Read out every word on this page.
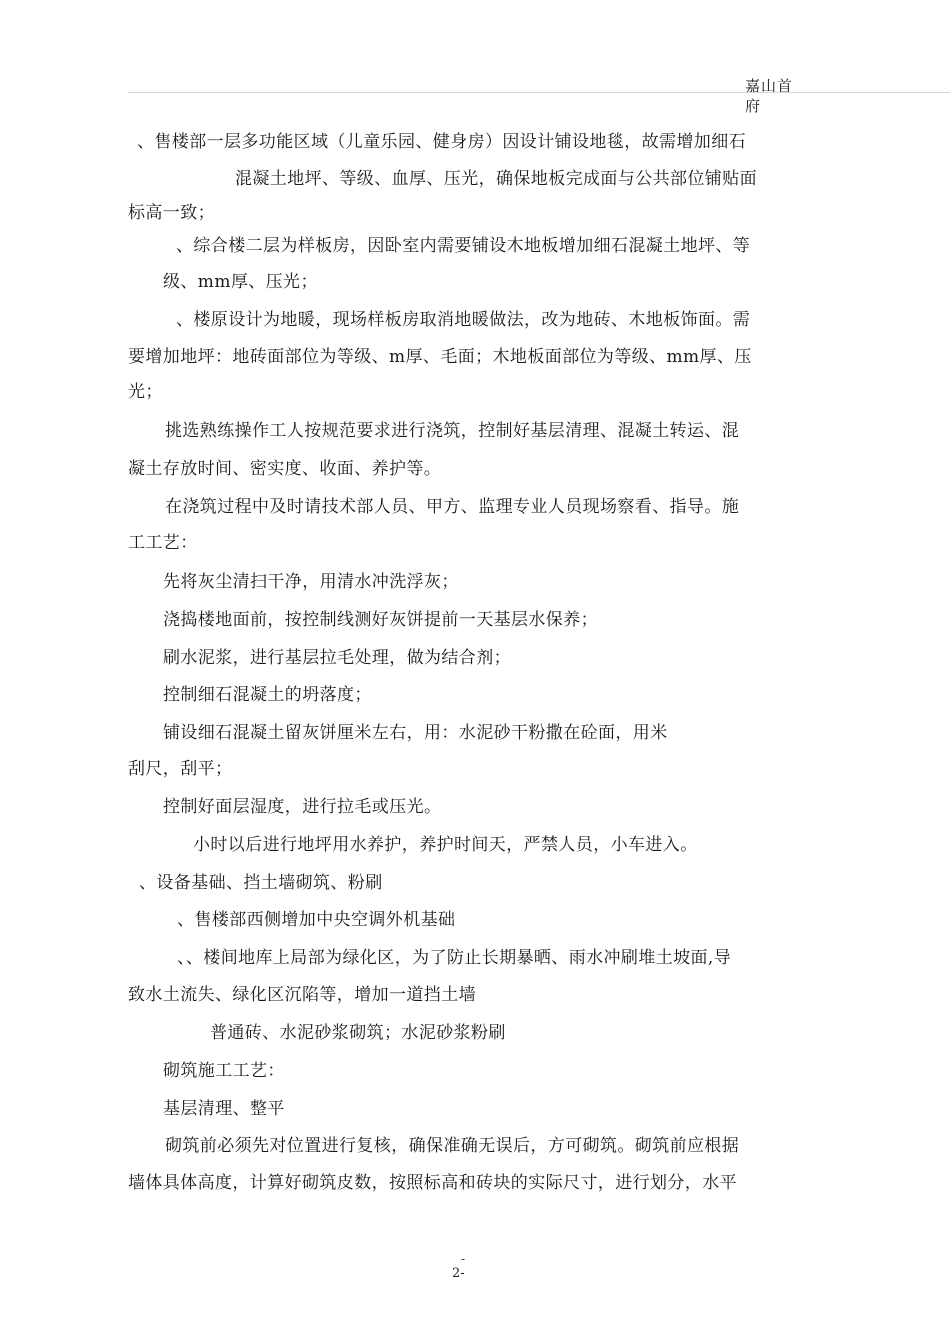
嘉山首府
、售楼部一层多功能区域（儿童乐园、健身房）因设计铺设地毯，故需增加细石
混凝土地坪、等级、血厚、压光，确保地板完成面与公共部位铺贴面
标高一致；
、综合楼二层为样板房，因卧室内需要铺设木地板增加细石混凝土地坪、等
级、mm厚、压光；
、楼原设计为地暖，现场样板房取消地暖做法，改为地砖、木地板饰面。需
要增加地坪：地砖面部位为等级、m厚、毛面；木地板面部位为等级、mm厚、压
光；
挑选熟练操作工人按规范要求进行浇筑，控制好基层清理、混凝土转运、混
凝土存放时间、密实度、收面、养护等。
在浇筑过程中及时请技术部人员、甲方、监理专业人员现场察看、指导。施
工工艺：
先将灰尘清扫干净，用清水冲洗浮灰；
浇捣楼地面前，按控制线测好灰饼提前一天基层水保养；
刷水泥浆，进行基层拉毛处理，做为结合剂；
控制细石混凝土的坍落度；
铺设细石混凝土留灰饼厘米左右，用：水泥砂干粉撒在砼面，用米
刮尺，刮平；
控制好面层湿度，进行拉毛或压光。
小时以后进行地坪用水养护，养护时间天，严禁人员，小车进入。
、设备基础、挡土墙砌筑、粉刷
、售楼部西侧增加中央空调外机基础
、、楼间地库上局部为绿化区，为了防止长期暴晒、雨水冲刷堆土坡面,导
致水土流失、绿化区沉陷等，增加一道挡土墙
普通砖、水泥砂浆砌筑；水泥砂浆粉刷
砌筑施工工艺：
基层清理、整平
砌筑前必须先对位置进行复核，确保准确无误后，方可砌筑。砌筑前应根据
墙体具体高度，计算好砌筑皮数，按照标高和砖块的实际尺寸，进行划分，水平
-
2-
